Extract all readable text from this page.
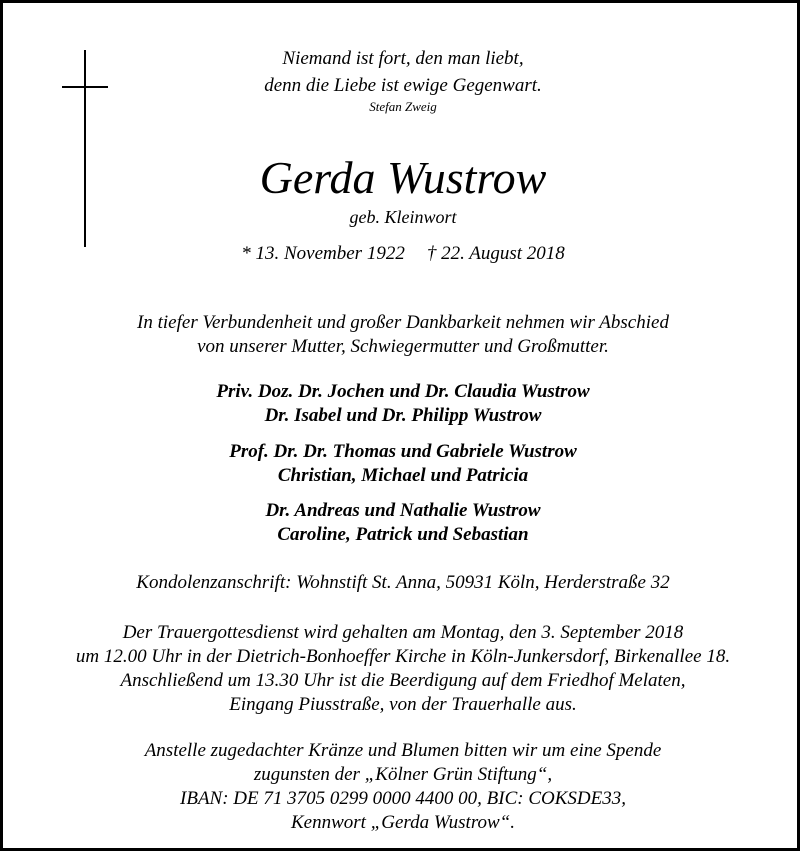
Niemand ist fort, den man liebt,
denn die Liebe ist ewige Gegenwart.
Stefan Zweig
Gerda Wustrow
geb. Kleinwort
* 13. November 1922 † 22. August 2018
In tiefer Verbundenheit und großer Dankbarkeit nehmen wir Abschied
von unserer Mutter, Schwiegermutter und Großmutter.
Priv. Doz. Dr. Jochen und Dr. Claudia Wustrow
Dr. Isabel und Dr. Philipp Wustrow
Prof. Dr. Dr. Thomas und Gabriele Wustrow
Christian, Michael und Patricia
Dr. Andreas und Nathalie Wustrow
Caroline, Patrick und Sebastian
Kondolenzanschrift: Wohnstift St. Anna, 50931 Köln, Herderstraße 32
Der Trauergottesdienst wird gehalten am Montag, den 3. September 2018
um 12.00 Uhr in der Dietrich-Bonhoeffer Kirche in Köln-Junkersdorf, Birkenallee 18.
Anschließend um 13.30 Uhr ist die Beerdigung auf dem Friedhof Melaten,
Eingang Piusstraße, von der Trauerhalle aus.
Anstelle zugedachter Kränze und Blumen bitten wir um eine Spende
zugunsten der „Kölner Grün Stiftung“,
IBAN: DE 71 3705 0299 0000 4400 00, BIC: COKSDE33,
Kennwort „Gerda Wustrow“.
